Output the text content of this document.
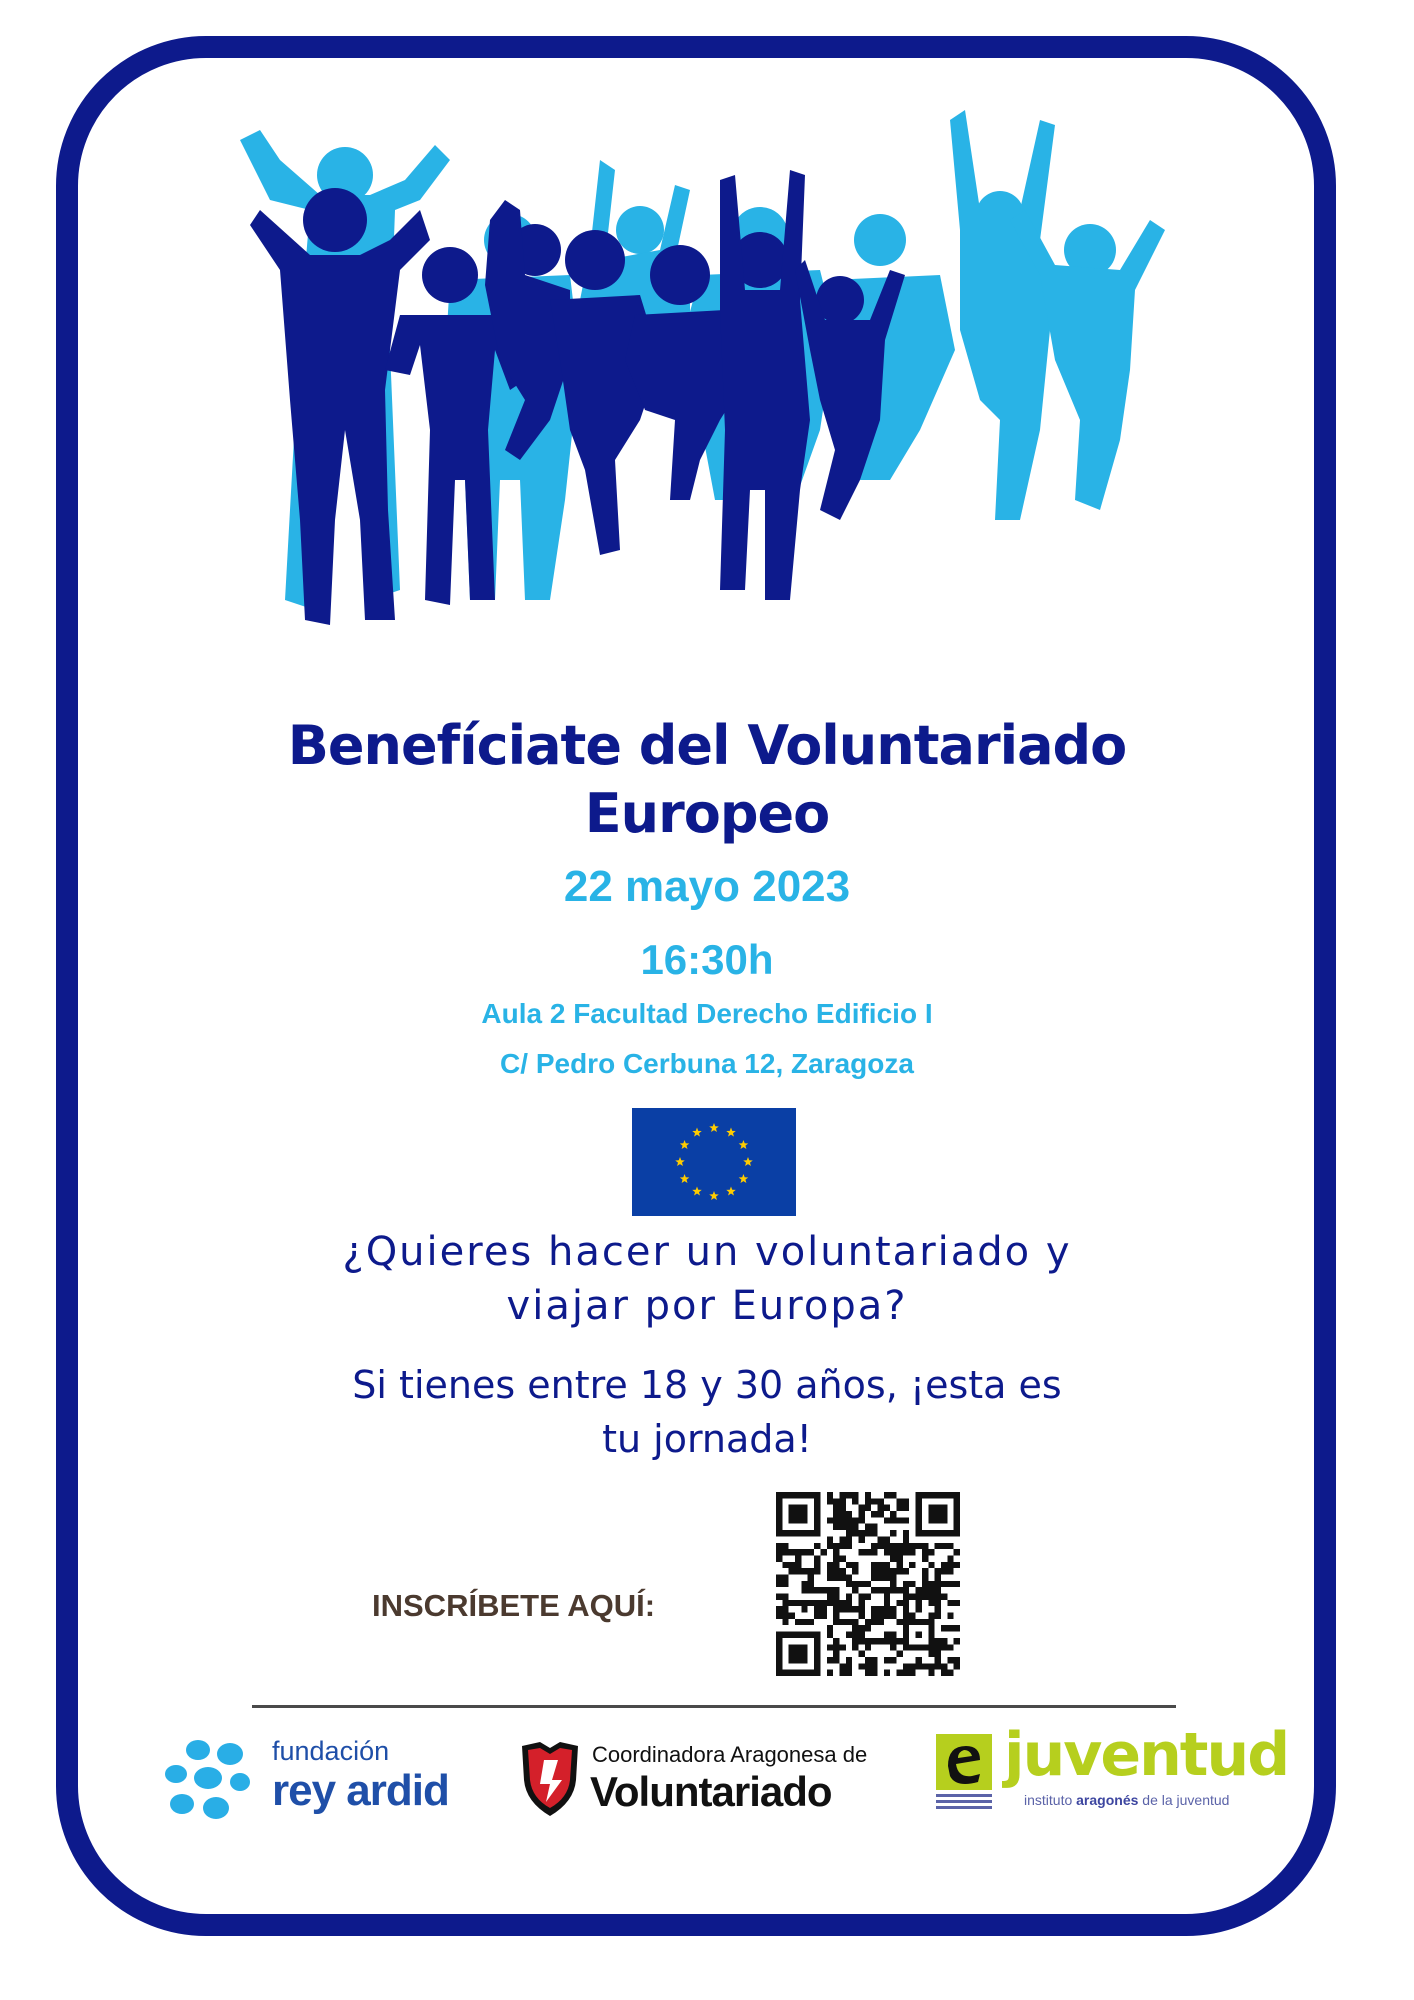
Benefíciate del Voluntariado
Europeo

22 mayo 2023

16:30h

Aula 2 Facultad Derecho Edificio I

C/ Pedro Cerbuna 12, Zaragoza

¿Quieres hacer un voluntariado y
viajar por Europa?

Si tienes entre 18 y 30 años, ¡esta es
tu jornada!

INSCRÍBETE AQUÍ:

fundación
rey ardid
Coordinadora Aragonesa de
Voluntariado
juventud
instituto aragonés de la juventud
